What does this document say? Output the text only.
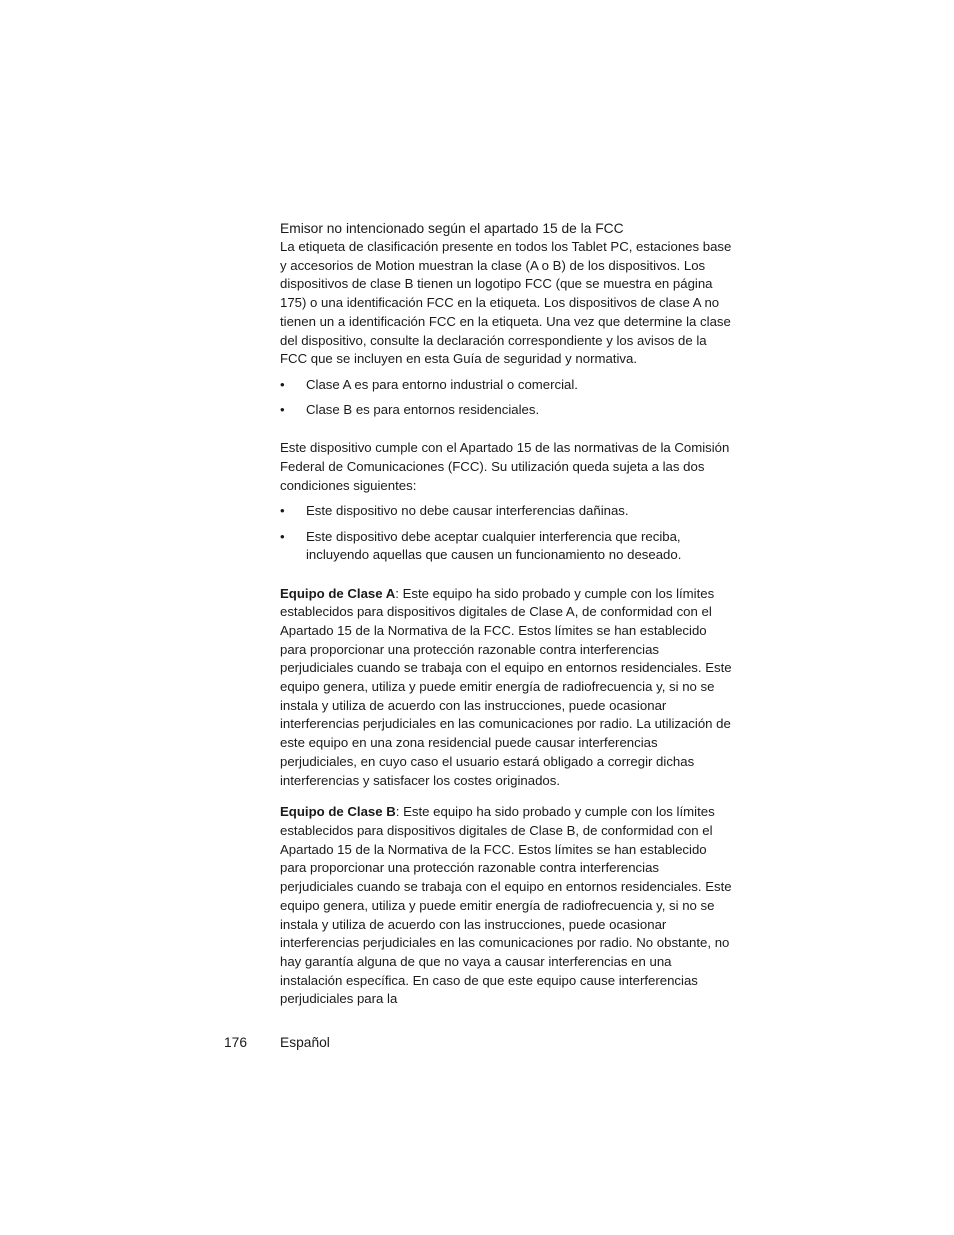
Emisor no intencionado según el apartado 15 de la FCC

La etiqueta de clasificación presente en todos los Tablet PC, estaciones base y accesorios de Motion muestran la clase (A o B) de los dispositivos. Los dispositivos de clase B tienen un logotipo FCC (que se muestra en página 175) o una identificación FCC en la etiqueta. Los dispositivos de clase A no tienen un a identificación FCC en la etiqueta. Una vez que determine la clase del dispositivo, consulte la declaración correspondiente y los avisos de la FCC que se incluyen en esta Guía de seguridad y normativa.

• Clase A es para entorno industrial o comercial.
• Clase B es para entornos residenciales.

Este dispositivo cumple con el Apartado 15 de las normativas de la Comisión Federal de Comunicaciones (FCC). Su utilización queda sujeta a las dos condiciones siguientes:

• Este dispositivo no debe causar interferencias dañinas.
• Este dispositivo debe aceptar cualquier interferencia que reciba, incluyendo aquellas que causen un funcionamiento no deseado.

Equipo de Clase A: Este equipo ha sido probado y cumple con los límites establecidos para dispositivos digitales de Clase A, de conformidad con el Apartado 15 de la Normativa de la FCC. Estos límites se han establecido para proporcionar una protección razonable contra interferencias perjudiciales cuando se trabaja con el equipo en entornos residenciales. Este equipo genera, utiliza y puede emitir energía de radiofrecuencia y, si no se instala y utiliza de acuerdo con las instrucciones, puede ocasionar interferencias perjudiciales en las comunicaciones por radio. La utilización de este equipo en una zona residencial puede causar interferencias perjudiciales, en cuyo caso el usuario estará obligado a corregir dichas interferencias y satisfacer los costes originados.

Equipo de Clase B: Este equipo ha sido probado y cumple con los límites establecidos para dispositivos digitales de Clase B, de conformidad con el Apartado 15 de la Normativa de la FCC. Estos límites se han establecido para proporcionar una protección razonable contra interferencias perjudiciales cuando se trabaja con el equipo en entornos residenciales. Este equipo genera, utiliza y puede emitir energía de radiofrecuencia y, si no se instala y utiliza de acuerdo con las instrucciones, puede ocasionar interferencias perjudiciales en las comunicaciones por radio. No obstante, no hay garantía alguna de que no vaya a causar interferencias en una instalación específica. En caso de que este equipo cause interferencias perjudiciales para la

176 Español
